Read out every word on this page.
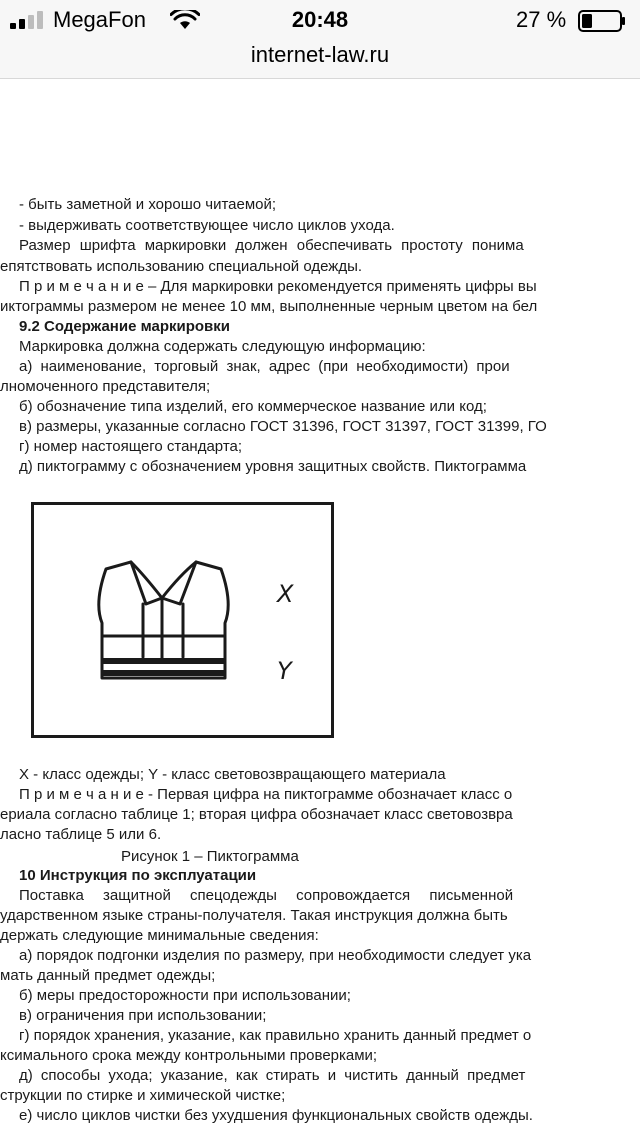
MegaFon	20:48	27 %
internet-law.ru
- быть заметной и хорошо читаемой;
- выдерживать соответствующее число циклов ухода.
Размер шрифта маркировки должен обеспечивать простоту понима
епятствовать использованию специальной одежды.
П р и м е ч а н и е – Для маркировки рекомендуется применять цифры вы
иктограммы размером не менее 10 мм, выполненные черным цветом на бел
9.2 Содержание маркировки
Маркировка должна содержать следующую информацию:
а) наименование, торговый знак, адрес (при необходимости) прои
лномоченного представителя;
б) обозначение типа изделий, его коммерческое название или код;
в) размеры, указанные согласно ГОСТ 31396, ГОСТ 31397, ГОСТ 31399, ГО
г) номер настоящего стандарта;
д) пиктограмму с обозначением уровня защитных свойств. Пиктограмма
X
Y
X - класс одежды; Y - класс световозвращающего материала
П р и м е ч а н и е - Первая цифра на пиктограмме обозначает класс о
ериала согласно таблице 1; вторая цифра обозначает класс световозвра
ласно таблице 5 или 6.
Рисунок 1 – Пиктограмма
10 Инструкция по эксплуатации
Поставка защитной спецодежды сопровождается письменной
ударственном языке страны-получателя. Такая инструкция должна быть
держать следующие минимальные сведения:
а) порядок подгонки изделия по размеру, при необходимости следует ука
мать данный предмет одежды;
б) меры предосторожности при использовании;
в) ограничения при использовании;
г) порядок хранения, указание, как правильно хранить данный предмет о
ксимального срока между контрольными проверками;
д) способы ухода; указание, как стирать и чистить данный предмет
струкции по стирке и химической чистке;
е) число циклов чистки без ухудшения функциональных свойств одежды.
